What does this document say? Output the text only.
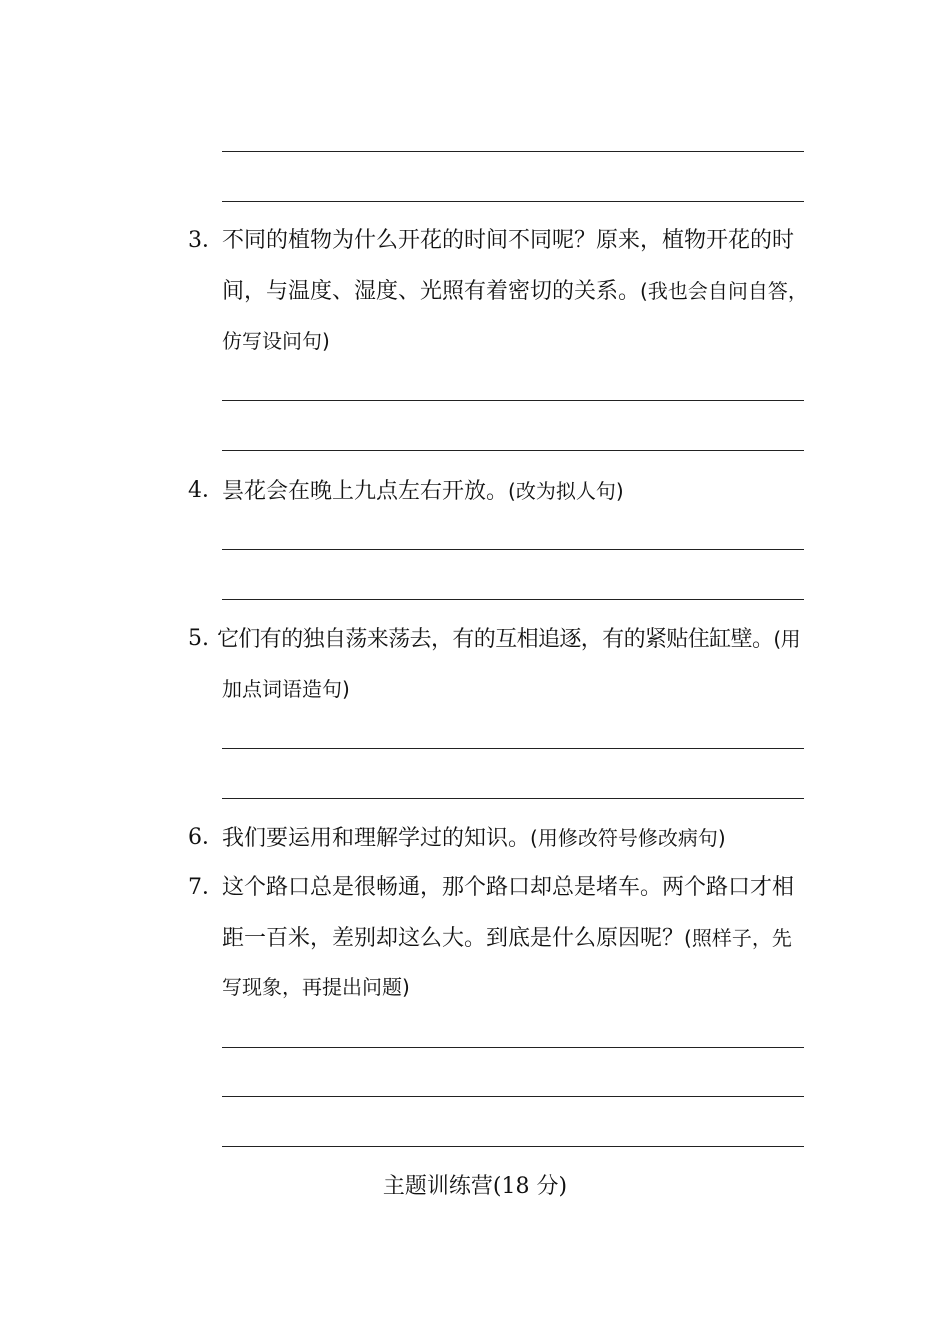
3．
不同的植物为什么开花的时间不同呢？原来，植物开花的时
间，与温度、湿度、光照有着密切的关系。(我也会自问自答，
仿写设问句)
4．
昙花会在晚上九点左右开放。(改为拟人句)
5. 它们有的独自荡来荡去，有的互相追逐，有的紧贴住缸壁。(用
加点词语造句)
6．
我们要运用和理解学过的知识。(用修改符号修改病句)
7．
这个路口总是很畅通，那个路口却总是堵车。两个路口才相
距一百米，差别却这么大。到底是什么原因呢？(照样子，先
写现象，再提出问题)
主题训练营(18 分)
